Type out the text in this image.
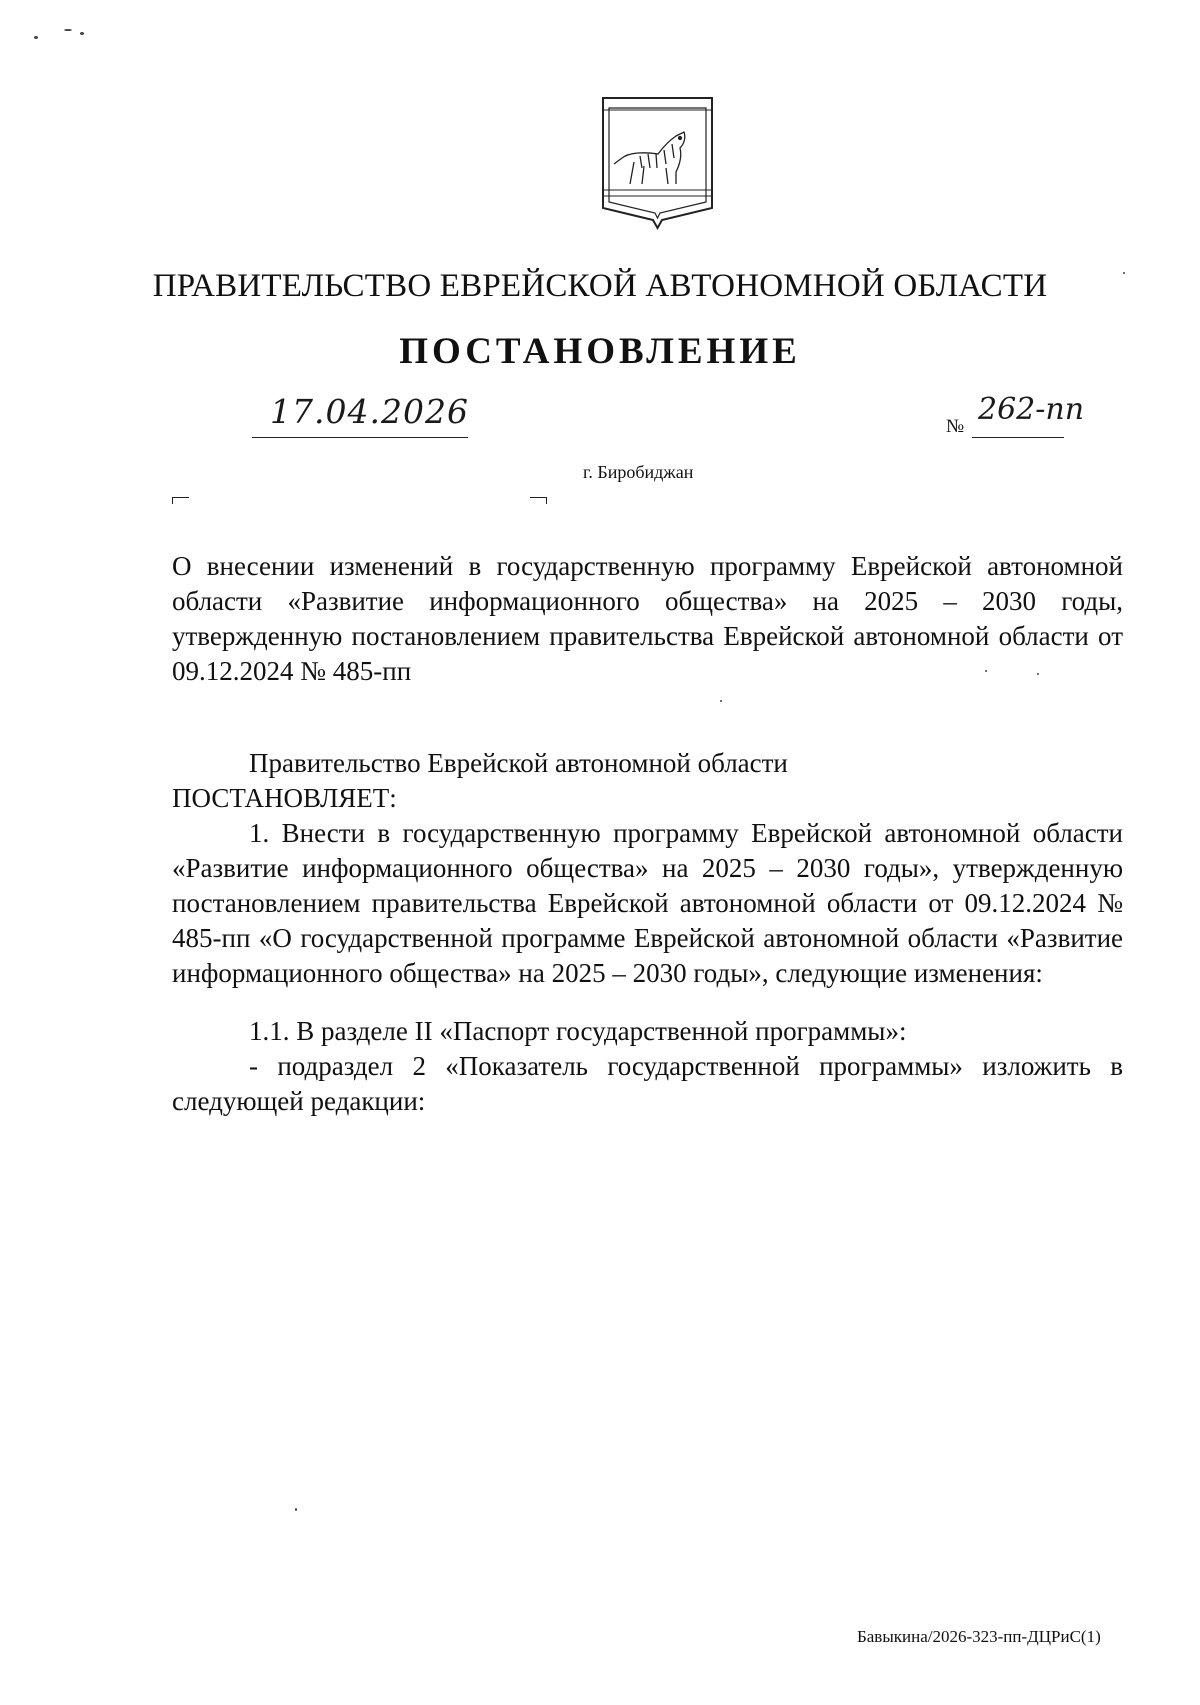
ПРАВИТЕЛЬСТВО ЕВРЕЙСКОЙ АВТОНОМНОЙ ОБЛАСТИ
ПОСТАНОВЛЕНИЕ
17.04.2026	№ 262-пп
г. Биробиджан
О внесении изменений в государственную программу Еврейской автономной
области «Развитие информационного общества» на 2025 – 2030 годы, утвержденную постановлением правительства Еврейской автономной области от 09.12.2024 № 485-пп
Правительство Еврейской автономной области
ПОСТАНОВЛЯЕТ:

1. Внести в государственную программу Еврейской автономной области «Развитие информационного общества» на 2025 – 2030 годы», утвержденную постановлением правительства Еврейской автономной области от 09.12.2024 № 485-пп «О государственной программе Еврейской автономной области «Развитие информационного общества» на 2025 – 2030 годы», следующие изменения:

1.1. В разделе II «Паспорт государственной программы»:

- подраздел 2 «Показатель государственной программы» изложить в следующей редакции:

Бавыкина/2026-323-пп-ДЦРиС(1)
